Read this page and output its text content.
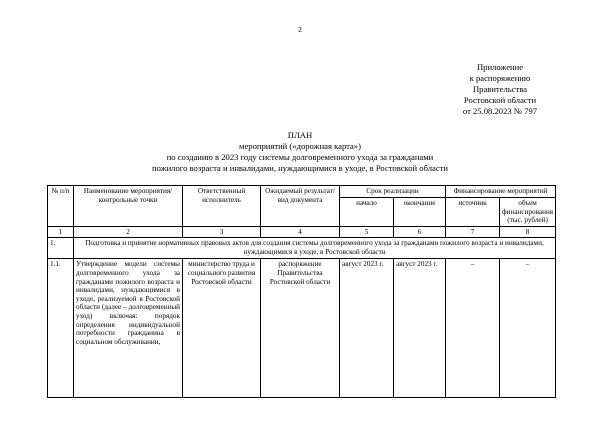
2
Приложение
к распоряжению
Правительства
Ростовской области
от 25.08.2023 № 797
ПЛАН
мероприятий («дорожная карта»)
по созданию в 2023 году системы долговременного ухода за гражданами
пожилого возраста и инвалидами, нуждающимися в уходе, в Ростовской области
№ п/п	Наименование мероприятия/контрольные точки	Ответственный исполнитель	Ожидаемый результат/вид документа	Срок реализации		Финансирование мероприятий	
				начало	окончание	источник	объем финансирования (тыс. рублей)
1	2	3	4	5	6	7	8
1.	Подготовка и принятие нормативных правовых актов для создания системы долговременного ухода за гражданами пожилого возраста и инвалидами, нуждающимися в уходе, в Ростовской области						
1.1.	Утверждение модели системы долговременного ухода за гражданами пожилого возраста и инвалидами, нуждающимися в уходе, реализуемой в Ростовской области (далее – долговременный уход) включая: порядок определения индивидуальной потребности гражданина в социальном обслуживании,	министерство труда и социального развития Ростовской области	распоряжение Правительства Ростовской области	август 2023 г.	август 2023 г.	–	–
